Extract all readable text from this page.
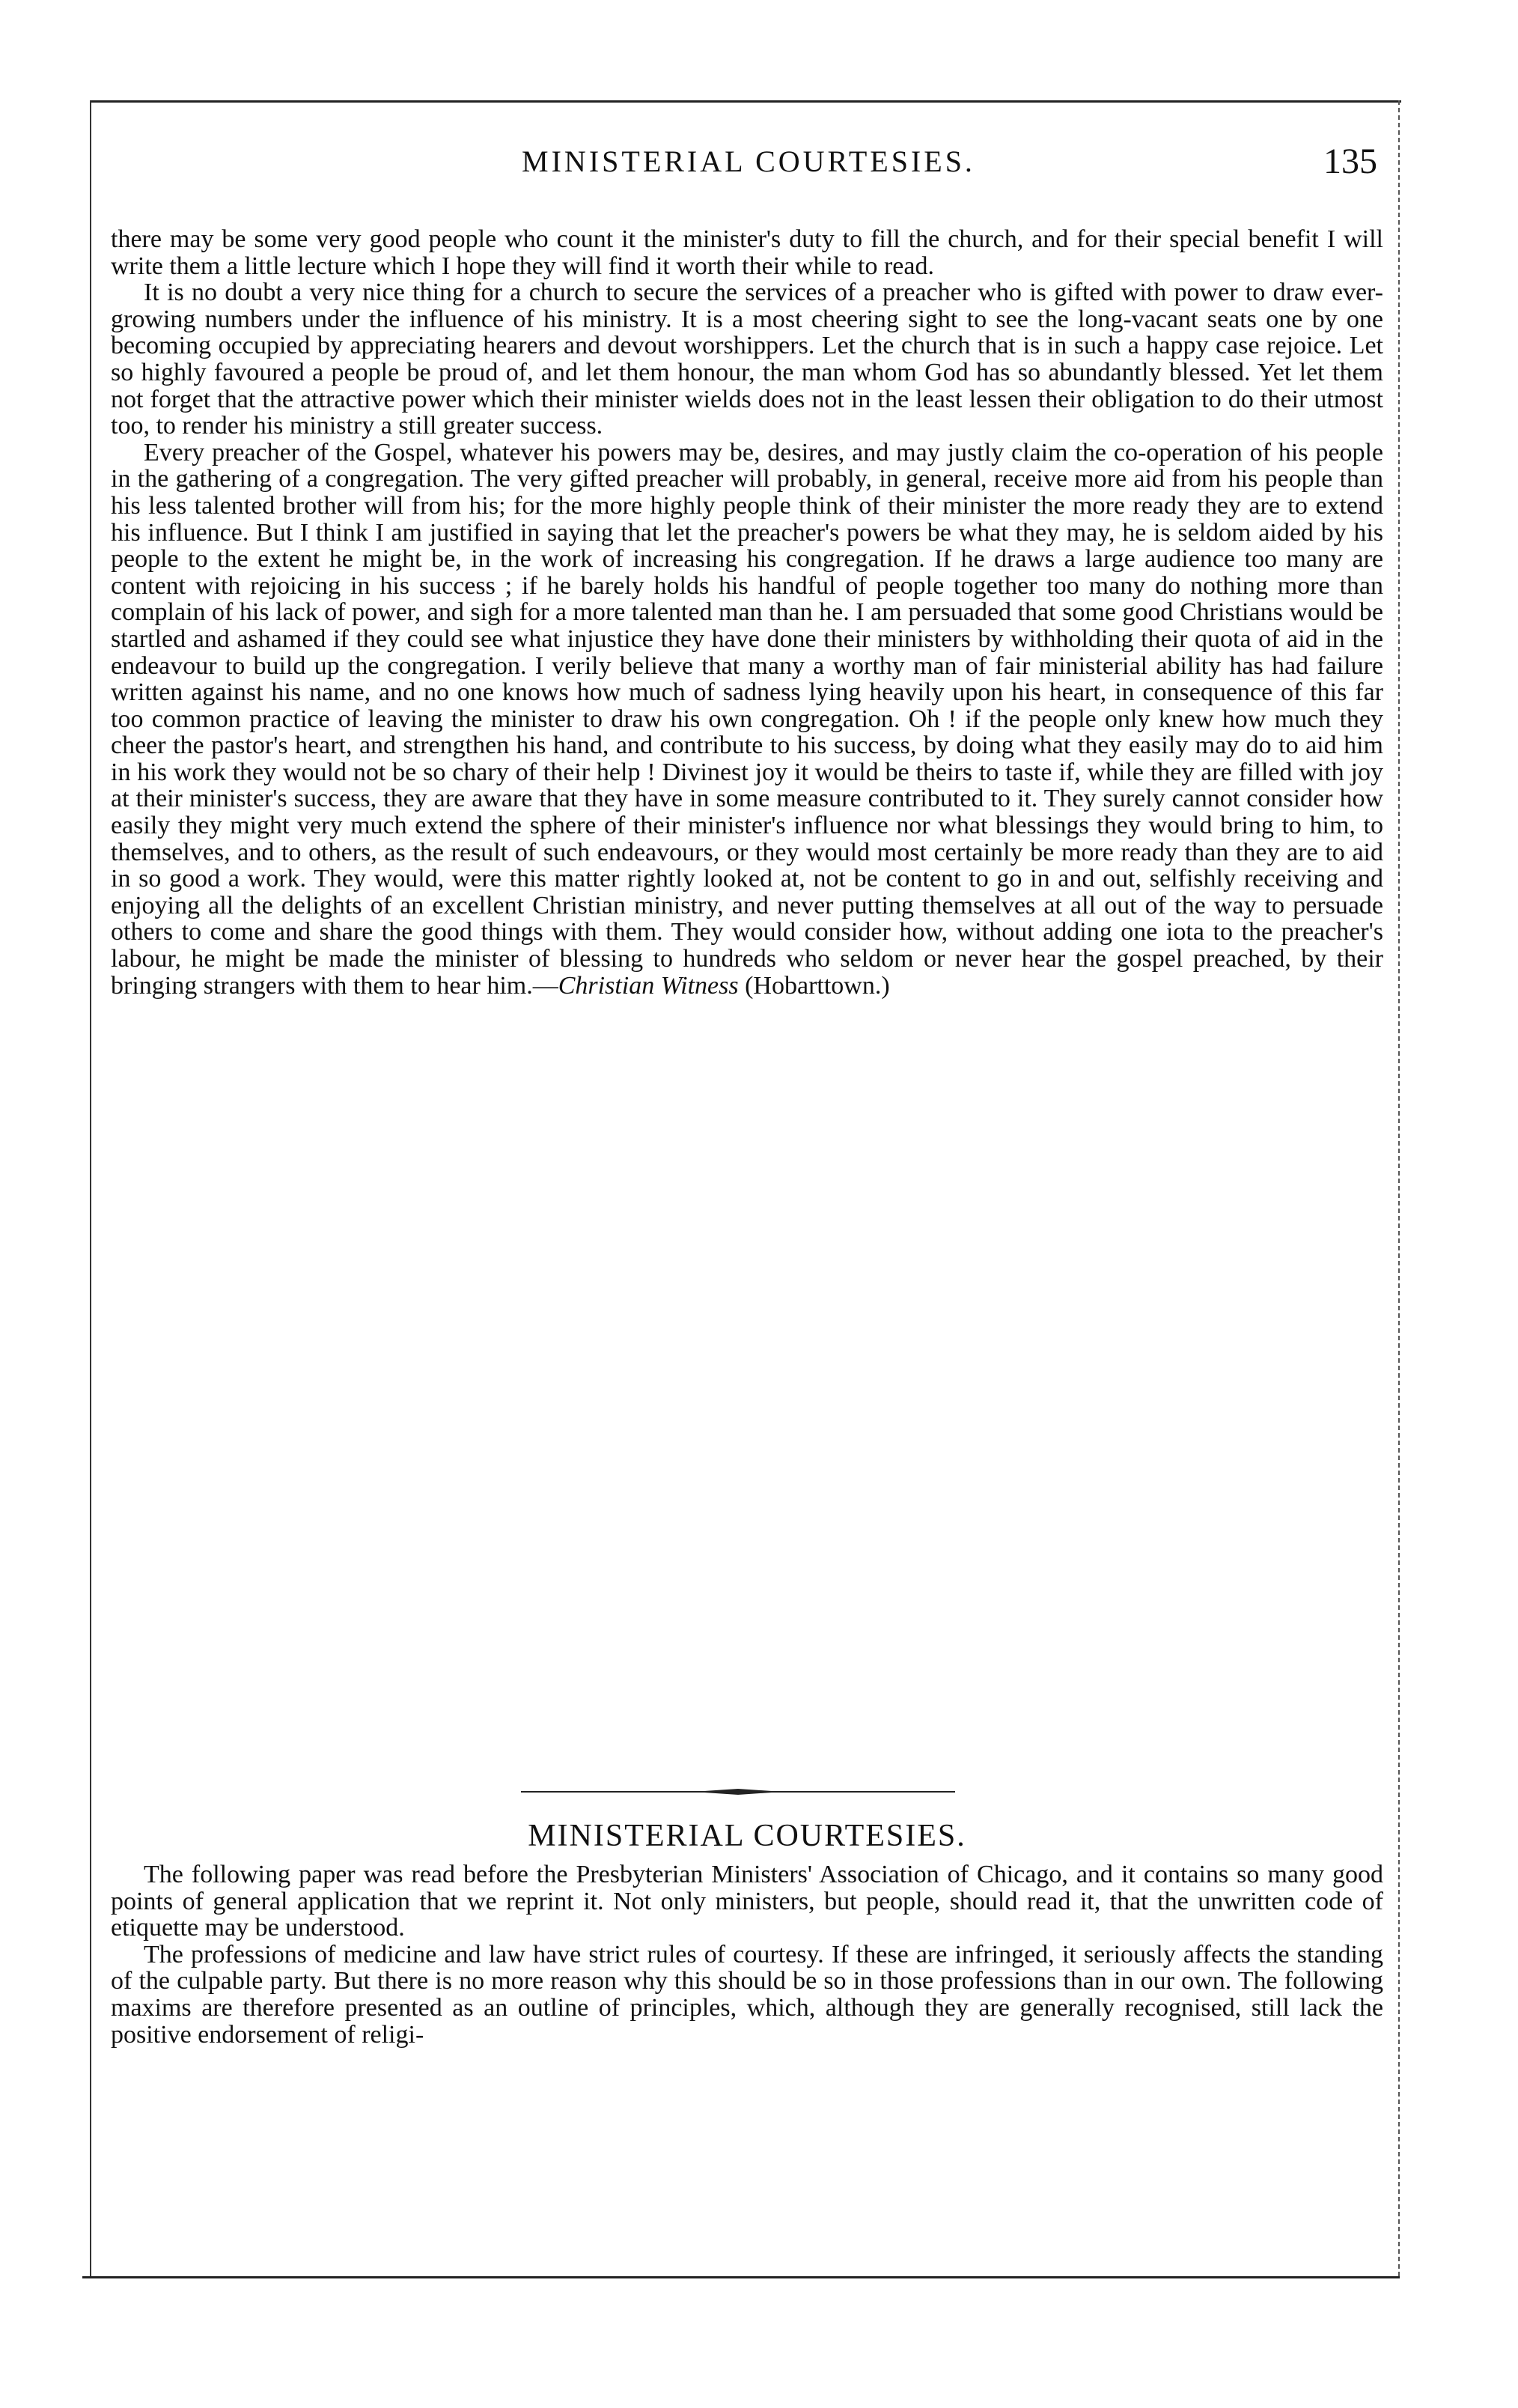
MINISTERIAL COURTESIES.	135

there may be some very good people who count it the minister's duty to fill the church, and for their special benefit I will write them a little lecture which I hope they will find it worth their while to read.

It is no doubt a very nice thing for a church to secure the services of a preacher who is gifted with power to draw ever-growing numbers under the influence of his ministry. It is a most cheering sight to see the long-vacant seats one by one becoming occupied by appreciating hearers and devout worshippers. Let the church that is in such a happy case rejoice. Let so highly favoured a people be proud of, and let them honour, the man whom God has so abundantly blessed. Yet let them not forget that the attractive power which their minister wields does not in the least lessen their obligation to do their utmost too, to render his ministry a still greater success.

Every preacher of the Gospel, whatever his powers may be, desires, and may justly claim the co-operation of his people in the gathering of a congregation. The very gifted preacher will probably, in general, receive more aid from his people than his less talented brother will from his; for the more highly people think of their minister the more ready they are to extend his influence. But I think I am justified in saying that let the preacher's powers be what they may, he is seldom aided by his people to the extent he might be, in the work of increasing his congregation. If he draws a large audience too many are content with rejoicing in his success ; if he barely holds his handful of people together too many do nothing more than complain of his lack of power, and sigh for a more talented man than he. I am persuaded that some good Christians would be startled and ashamed if they could see what injustice they have done their ministers by withholding their quota of aid in the endeavour to build up the congregation. I verily believe that many a worthy man of fair ministerial ability has had failure written against his name, and no one knows how much of sadness lying heavily upon his heart, in consequence of this far too common practice of leaving the minister to draw his own congregation. Oh ! if the people only knew how much they cheer the pastor's heart, and strengthen his hand, and contribute to his success, by doing what they easily may do to aid him in his work they would not be so chary of their help ! Divinest joy it would be theirs to taste if, while they are filled with joy at their minister's success, they are aware that they have in some measure contributed to it. They surely cannot consider how easily they might very much extend the sphere of their minister's influence nor what blessings they would bring to him, to themselves, and to others, as the result of such endeavours, or they would most certainly be more ready than they are to aid in so good a work. They would, were this matter rightly looked at, not be content to go in and out, selfishly receiving and enjoying all the delights of an excellent Christian ministry, and never putting themselves at all out of the way to persuade others to come and share the good things with them. They would consider how, without adding one iota to the preacher's labour, he might be made the minister of blessing to hundreds who seldom or never hear the gospel preached, by their bringing strangers with them to hear him.—Christian Witness (Hobarttown.)

MINISTERIAL COURTESIES.

The following paper was read before the Presbyterian Ministers' Association of Chicago, and it contains so many good points of general application that we reprint it. Not only ministers, but people, should read it, that the unwritten code of etiquette may be understood.

The professions of medicine and law have strict rules of courtesy. If these are infringed, it seriously affects the standing of the culpable party. But there is no more reason why this should be so in those professions than in our own. The following maxims are therefore presented as an outline of principles, which, although they are generally recognised, still lack the positive endorsement of religi-
